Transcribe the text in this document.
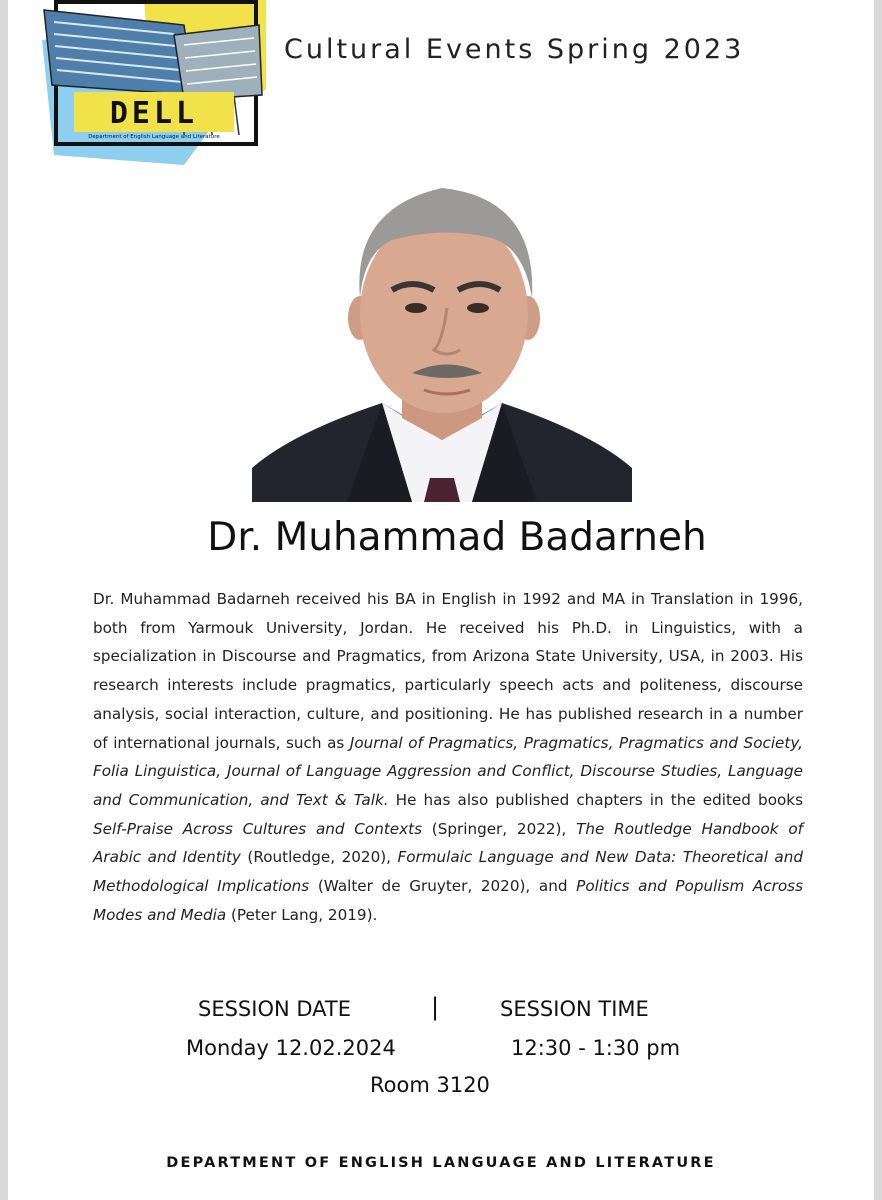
DELL
Department of English Language and Literature
Cultural Events Spring 2023
Dr. Muhammad Badarneh
Dr. Muhammad Badarneh received his BA in English in 1992 and MA in Translation in 1996, both from Yarmouk University, Jordan. He received his Ph.D. in Linguistics, with a specialization in Discourse and Pragmatics, from Arizona State University, USA, in 2003. His research interests include pragmatics, particularly speech acts and politeness, discourse analysis, social interaction, culture, and positioning. He has published research in a number of international journals, such as Journal of Pragmatics, Pragmatics, Pragmatics and Society, Folia Linguistica, Journal of Language Aggression and Conflict, Discourse Studies, Language and Communication, and Text & Talk. He has also published chapters in the edited books Self-Praise Across Cultures and Contexts (Springer, 2022), The Routledge Handbook of Arabic and Identity (Routledge, 2020), Formulaic Language and New Data: Theoretical and Methodological Implications (Walter de Gruyter, 2020), and Politics and Populism Across Modes and Media (Peter Lang, 2019).
SESSION DATE	|	SESSION TIME
Monday 12.02.2024	12:30 - 1:30 pm
Room 3120
DEPARTMENT OF ENGLISH LANGUAGE AND LITERATURE
